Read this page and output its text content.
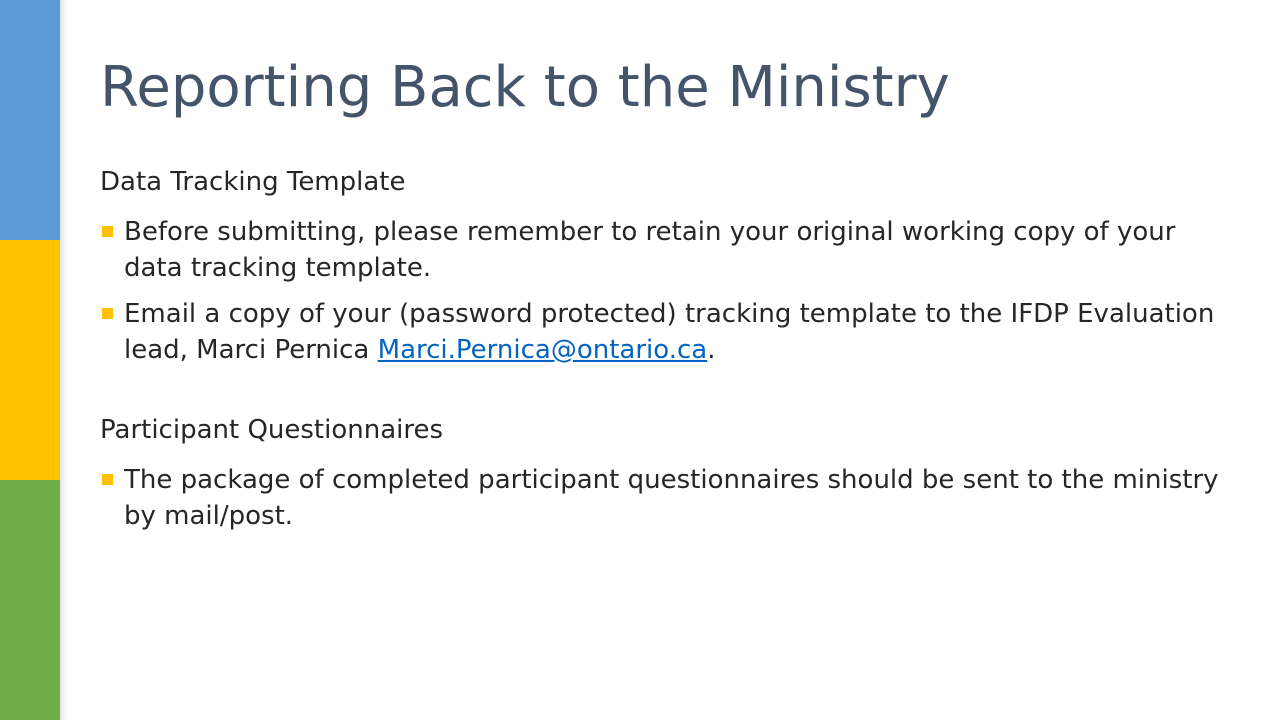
Reporting Back to the Ministry
Data Tracking Template
Before submitting, please remember to retain your original working copy of your data tracking template.
Email a copy of your (password protected) tracking template to the IFDP Evaluation lead, Marci Pernica Marci.Pernica@ontario.ca.
Participant Questionnaires
The package of completed participant questionnaires should be sent to the ministry by mail/post.
